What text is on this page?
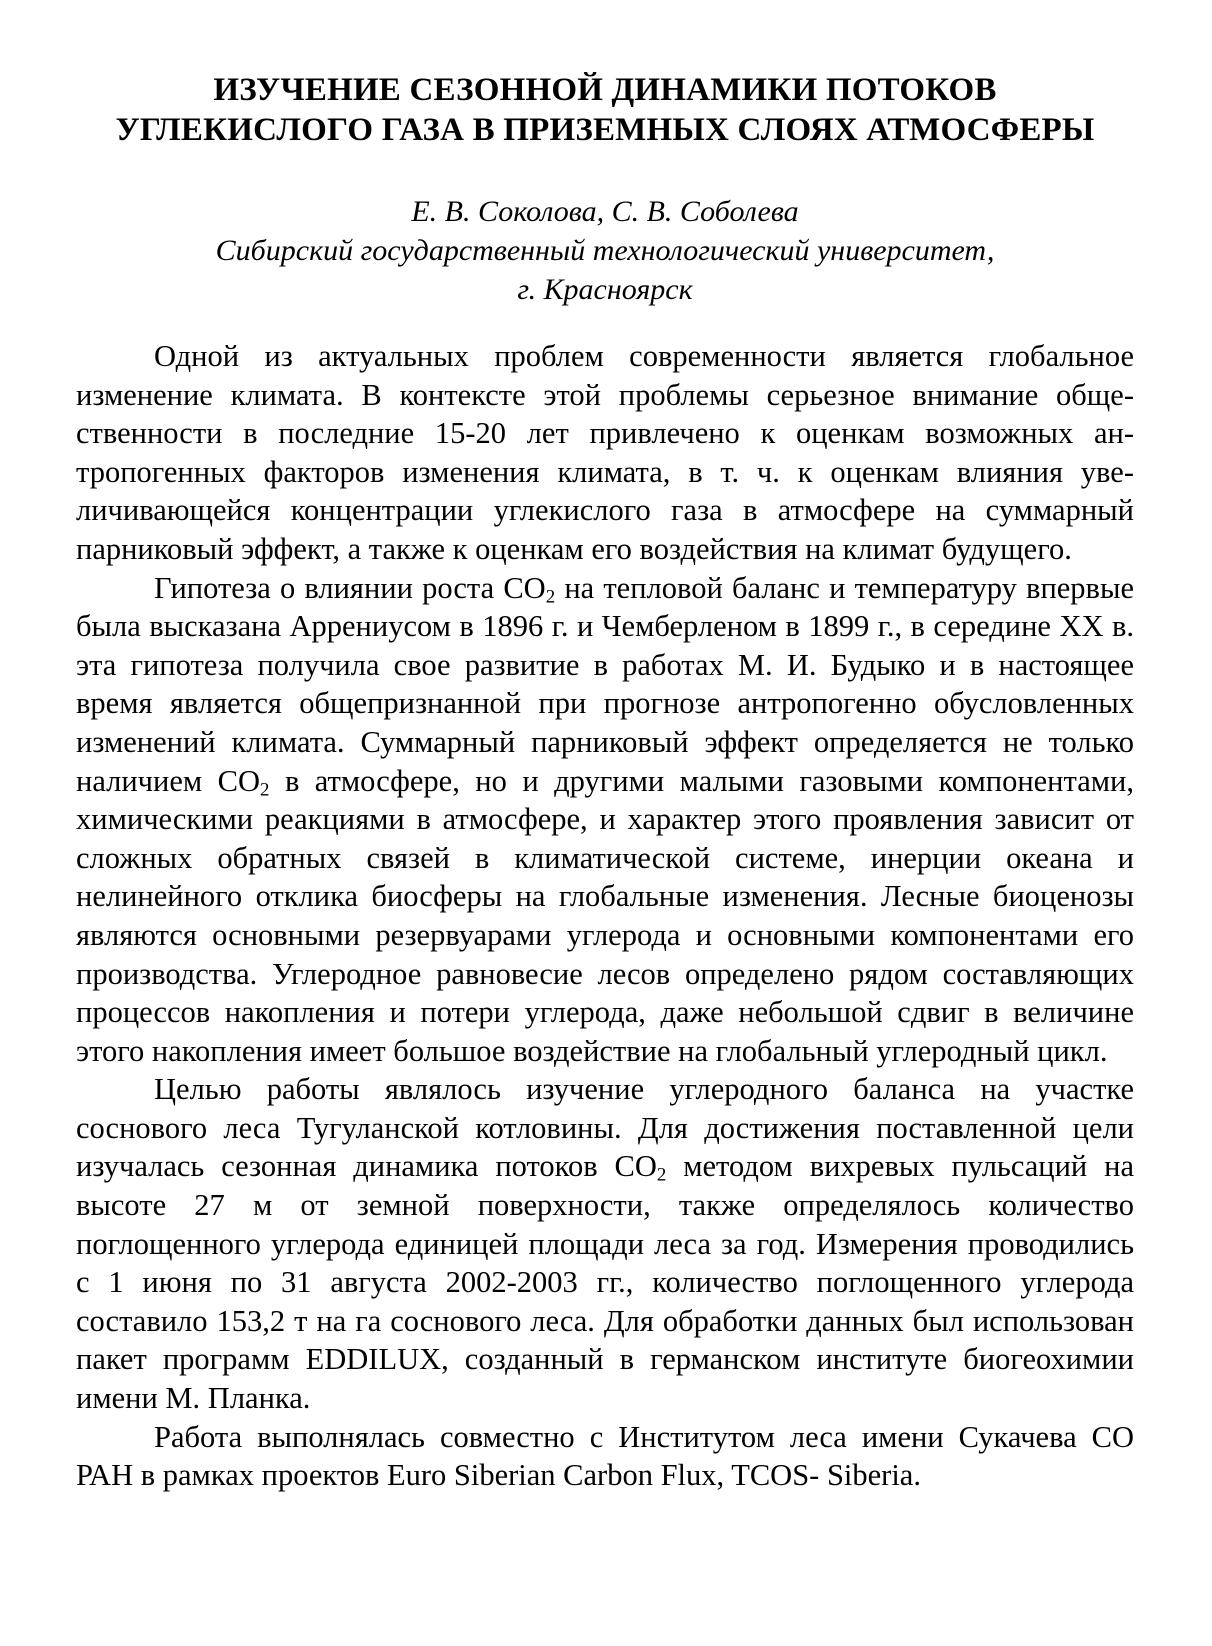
ИЗУЧЕНИЕ СЕЗОННОЙ ДИНАМИКИ ПОТОКОВ
УГЛЕКИСЛОГО ГАЗА В ПРИЗЕМНЫХ СЛОЯХ АТМОСФЕРЫ
Е. В. Соколова, С. В. Соболева
Сибирский государственный технологический университет,
г. Красноярск

Одной из актуальных проблем современности является глобальное изменение климата. В контексте этой проблемы серьезное внимание общественности в последние 15-20 лет привлечено к оценкам возможных антропогенных факторов изменения климата, в т. ч. к оценкам влияния увеличивающейся концентрации углекислого газа в атмосфере на суммарный парниковый эффект, а также к оценкам его воздействия на климат будущего.

Гипотеза о влиянии роста $CO_2$ на тепловой баланс и температуру впервые была высказана Аррениусом в 1896 г. и Чемберленом в 1899 г., в середине XX в. эта гипотеза получила свое развитие в работах М. И. Будыко и в настоящее время является общепризнанной при прогнозе антропогенно обусловленных изменений климата. Суммарный парниковый эффект определяется не только наличием $CO_2$ в атмосфере, но и другими малыми газовыми компонентами, химическими реакциями в атмосфере, и характер этого проявления зависит от сложных обратных связей в климатической системе, инерции океана и нелинейного отклика биосферы на глобальные изменения. Лесные биоценозы являются основными резервуарами углерода и основными компонентами его производства. Углеродное равновесие лесов определено рядом составляющих процессов накопления и потери углерода, даже небольшой сдвиг в величине этого накопления имеет большое воздействие на глобальный углеродный цикл.

Целью работы являлось изучение углеродного баланса на участке соснового леса Тугуланской котловины. Для достижения поставленной цели изучалась сезонная динамика потоков $CO_2$ методом вихревых пульсаций на высоте 27 м от земной поверхности, также определялось количество поглощенного углерода единицей площади леса за год. Измерения проводились с 1 июня по 31 августа 2002-2003 гг., количество поглощенного углерода составило 153,2 т на га соснового леса. Для обработки данных был использован пакет программ EDDILUX, созданный в германском институте биогеохимии имени М. Планка.

Работа выполнялась совместно с Институтом леса имени Сукачева СО РАН в рамках проектов Euro Siberian Carbon Flux, TCOS- Siberia.
